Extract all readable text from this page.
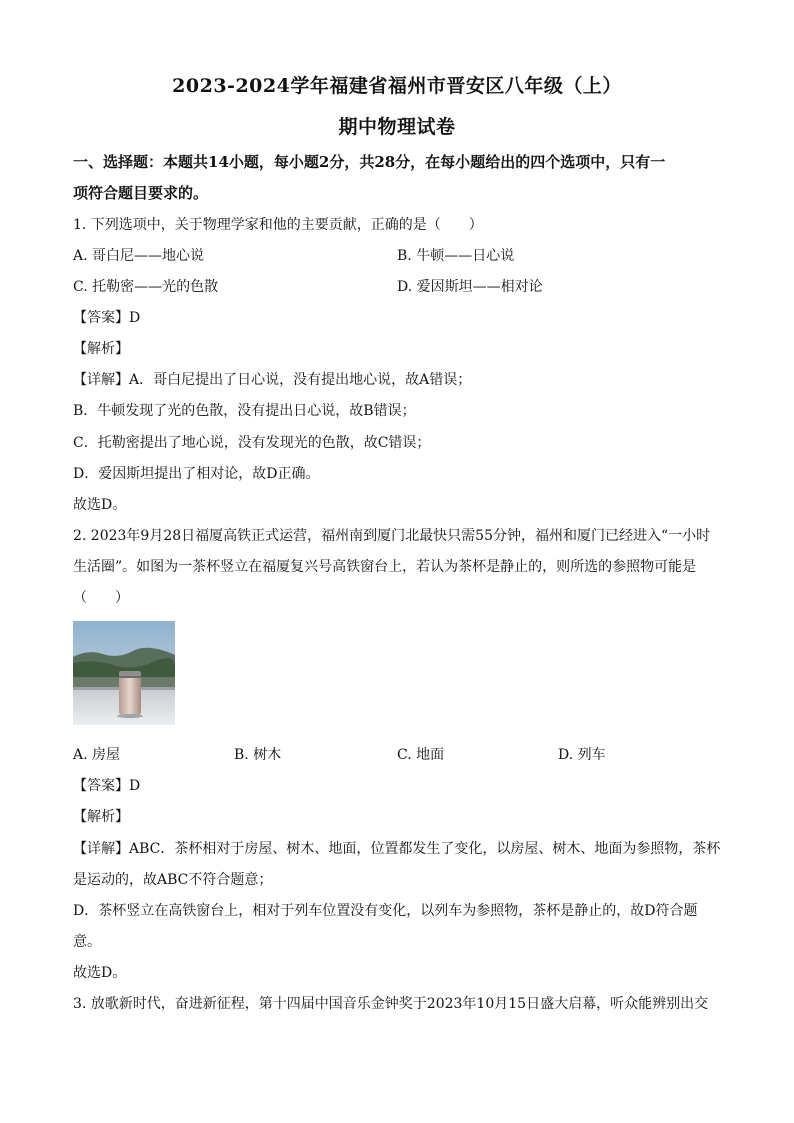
2023-2024学年福建省福州市晋安区八年级（上）
期中物理试卷
一、选择题：本题共14小题，每小题2分，共28分，在每小题给出的四个选项中，只有一
项符合题目要求的。
1. 下列选项中，关于物理学家和他的主要贡献，正确的是（　　）
A. 哥白尼——地心说	B. 牛顿——日心说
C. 托勒密——光的色散	D. 爱因斯坦——相对论
【答案】D
【解析】
【详解】A．哥白尼提出了日心说，没有提出地心说，故A错误；
B．牛顿发现了光的色散，没有提出日心说，故B错误；
C．托勒密提出了地心说，没有发现光的色散，故C错误；
D．爱因斯坦提出了相对论，故D正确。
故选D。
2. 2023年9月28日福厦高铁正式运营，福州南到厦门北最快只需55分钟，福州和厦门已经进入“一小时
生活圈”。如图为一茶杯竖立在福厦复兴号高铁窗台上，若认为茶杯是静止的，则所选的参照物可能是
（　　）
A. 房屋	B. 树木	C. 地面	D. 列车
【答案】D
【解析】
【详解】ABC．茶杯相对于房屋、树木、地面，位置都发生了变化，以房屋、树木、地面为参照物，茶杯
是运动的，故ABC不符合题意；
D．茶杯竖立在高铁窗台上，相对于列车位置没有变化，以列车为参照物，茶杯是静止的，故D符合题
意。
故选D。
3. 放歌新时代，奋进新征程，第十四届中国音乐金钟奖于2023年10月15日盛大启幕，听众能辨别出交
